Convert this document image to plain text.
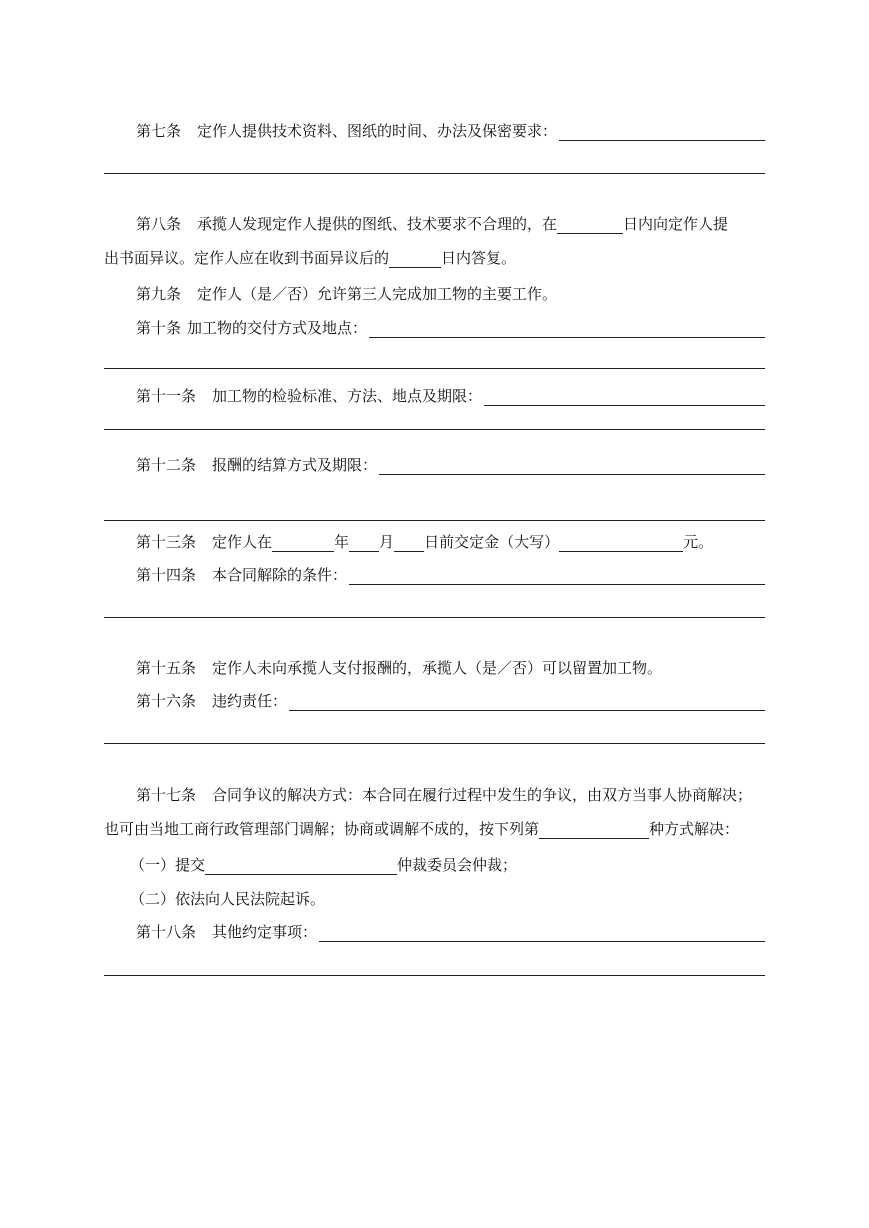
第七条 定作人提供技术资料、图纸的时间、办法及保密要求：
第八条 承揽人发现定作人提供的图纸、技术要求不合理的，在	日内向定作人提
出书面异议。定作人应在收到书面异议后的	日内答复。
第九条 定作人（是／否）允许第三人完成加工物的主要工作。
第十条 加工物的交付方式及地点：
第十一条 加工物的检验标准、方法、地点及期限：
第十二条 报酬的结算方式及期限：
第十三条 定作人在	年 月 日前交定金（大写）	元。
第十四条 本合同解除的条件：
第十五条 定作人未向承揽人支付报酬的，承揽人（是／否）可以留置加工物。
第十六条 违约责任：
第十七条 合同争议的解决方式：本合同在履行过程中发生的争议，由双方当事人协商解决；
也可由当地工商行政管理部门调解；协商或调解不成的，按下列第	种方式解决：
（一）提交	仲裁委员会仲裁；
（二）依法向人民法院起诉。
第十八条 其他约定事项：
